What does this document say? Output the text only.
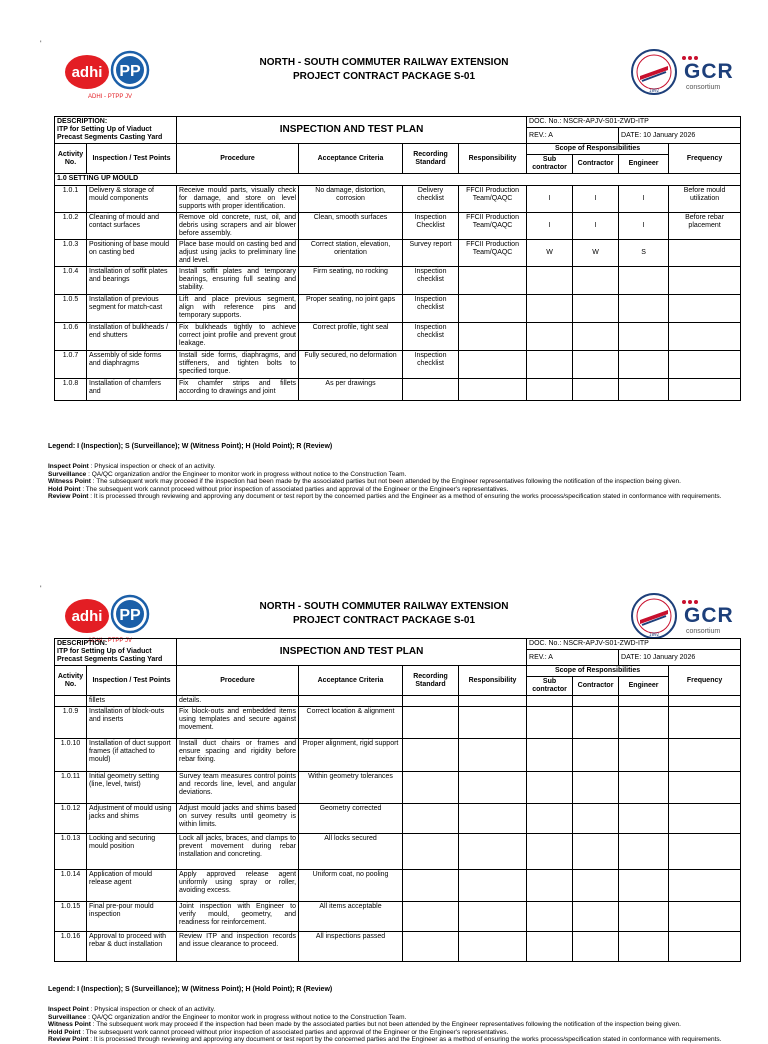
'
adhi PP
ADHI - PTPP JV
NORTH - SOUTH COMMUTER RAILWAY EXTENSION
PROJECT CONTRACT PACKAGE S-01
1892
GCR
consortium
DESCRIPTION:
ITP for Setting Up of Viaduct Precast Segments Casting Yard		INSPECTION AND TEST PLAN				DOC. No.: NSCR-APJV-S01-ZWD-ITP			
						REV.: A		DATE: 10 January 2026	
Activity No.	Inspection / Test Points	Procedure	Acceptance Criteria	Recording Standard	Responsibility	Scope of Responsibilities			Frequency
						Sub contractor	Contractor	Engineer	
1.0 SETTING UP MOULD									
1.0.1	Delivery & storage of mould components	Receive mould parts, visually check for damage, and store on level supports with proper identification.	No damage, distortion, corrosion	Delivery checklist	FFCII Production Team/QAQC	I	I	I	Before mould utilization
1.0.2	Cleaning of mould and contact surfaces	Remove old concrete, rust, oil, and debris using scrapers and air blower before assembly.	Clean, smooth surfaces	Inspection Checklist	FFCII Production Team/QAQC	I	I	I	Before rebar placement
1.0.3	Positioning of base mould on casting bed	Place base mould on casting bed and adjust using jacks to preliminary line and level.	Correct station, elevation, orientation	Survey report	FFCII Production Team/QAQC	W	W	S	
1.0.4	Installation of soffit plates and bearings	Install soffit plates and temporary bearings, ensuring full seating and stability.	Firm seating, no rocking	Inspection checklist					
1.0.5	Installation of previous segment for match-cast	Lift and place previous segment, align with reference pins and temporary supports.	Proper seating, no joint gaps	Inspection checklist					
1.0.6	Installation of bulkheads / end shutters	Fix bulkheads tightly to achieve correct joint profile and prevent grout leakage.	Correct profile, tight seal	Inspection checklist					
1.0.7	Assembly of side forms and diaphragms	Install side forms, diaphragms, and stiffeners, and tighten bolts to specified torque.	Fully secured, no deformation	Inspection checklist					
1.0.8	Installation of chamfers and	Fix chamfer strips and fillets according to drawings and joint	As per drawings						
Legend: I (Inspection); S (Surveillance); W (Witness Point); H (Hold Point); R (Review)
Inspect Point : Physical inspection or check of an activity.
Surveillance : QA/QC organization and/or the Engineer to monitor work in progress without notice to the Construction Team.
Witness Point : The subsequent work may proceed if the inspection had been made by the associated parties but not been attended by the Engineer representatives following the notification of the inspection being given.
Hold Point : The subsequent work cannot proceed without prior inspection of associated parties and approval of the Engineer or the Engineer's representatives.
Review Point : It is processed through reviewing and approving any document or test report by the concerned parties and the Engineer as a method of ensuring the works process/specification stated in conformance with requirements.
'
adhi PP
ADHI - PTPP JV
NORTH - SOUTH COMMUTER RAILWAY EXTENSION
PROJECT CONTRACT PACKAGE S-01
1892
GCR
consortium
DESCRIPTION:
ITP for Setting Up of Viaduct Precast Segments Casting Yard		INSPECTION AND TEST PLAN				DOC. No.: NSCR-APJV-S01-ZWD-ITP			
						REV.: A		DATE: 10 January 2026	
Activity No.	Inspection / Test Points	Procedure	Acceptance Criteria	Recording Standard	Responsibility	Scope of Responsibilities			Frequency
						Sub contractor	Contractor	Engineer	
	fillets	details.							
1.0.9	Installation of block-outs and inserts	Fix block-outs and embedded items using templates and secure against movement.	Correct location & alignment						
1.0.10	Installation of duct support frames (if attached to mould)	Install duct chairs or frames and ensure spacing and rigidity before rebar fixing.	Proper alignment, rigid support						
1.0.11	Initial geometry setting (line, level, twist)	Survey team measures control points and records line, level, and angular deviations.	Within geometry tolerances						
1.0.12	Adjustment of mould using jacks and shims	Adjust mould jacks and shims based on survey results until geometry is within limits.	Geometry corrected						
1.0.13	Locking and securing mould position	Lock all jacks, braces, and clamps to prevent movement during rebar installation and concreting.	All locks secured						
1.0.14	Application of mould release agent	Apply approved release agent uniformly using spray or roller, avoiding excess.	Uniform coat, no pooling						
1.0.15	Final pre-pour mould inspection	Joint inspection with Engineer to verify mould, geometry, and readiness for reinforcement.	All items acceptable						
1.0.16	Approval to proceed with rebar & duct installation	Review ITP and inspection records and issue clearance to proceed.	All inspections passed						
Legend: I (Inspection); S (Surveillance); W (Witness Point); H (Hold Point); R (Review)
Inspect Point : Physical inspection or check of an activity.
Surveillance : QA/QC organization and/or the Engineer to monitor work in progress without notice to the Construction Team.
Witness Point : The subsequent work may proceed if the inspection had been made by the associated parties but not been attended by the Engineer representatives following the notification of the inspection being given.
Hold Point : The subsequent work cannot proceed without prior inspection of associated parties and approval of the Engineer or the Engineer's representatives.
Review Point : It is processed through reviewing and approving any document or test report by the concerned parties and the Engineer as a method of ensuring the works process/specification stated in conformance with requirements.
